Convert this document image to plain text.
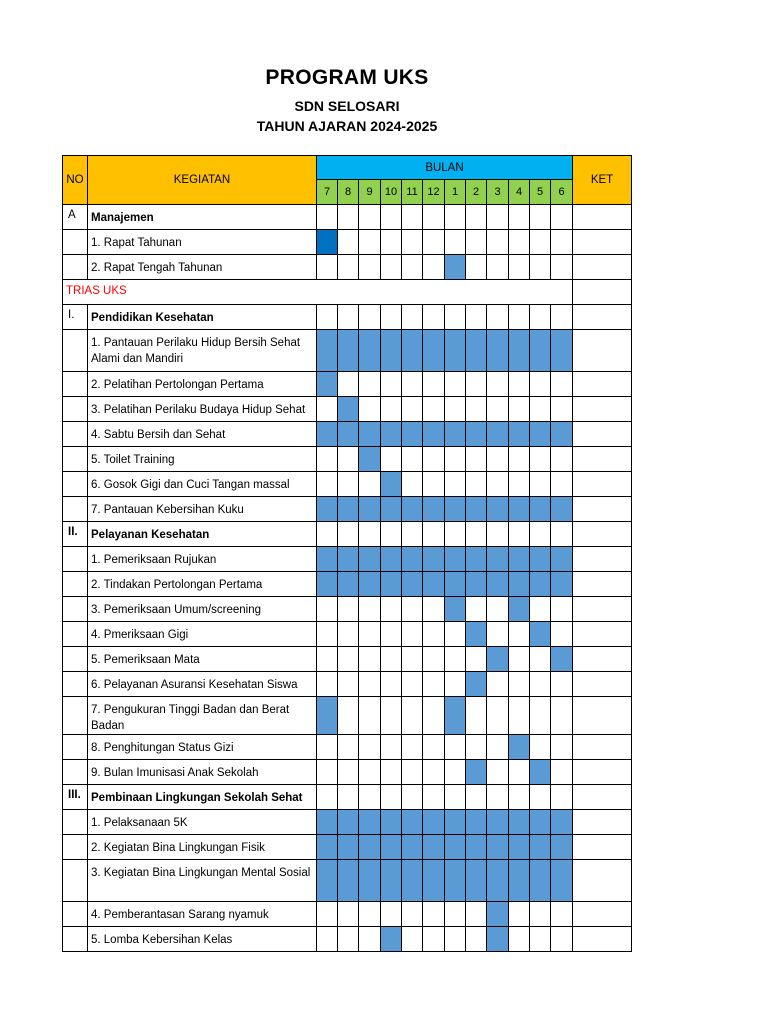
PROGRAM UKS
SDN SELOSARI
TAHUN AJARAN 2024-2025
NO	KEGIATAN	BULAN												KET
		7	8	9	10	11	12	1	2	3	4	5	6	
A	Manajemen													
	1. Rapat Tahunan													
	2. Rapat Tengah Tahunan													
TRIAS UKS														
I.	Pendidikan Kesehatan													
	1. Pantauan Perilaku Hidup Bersih Sehat Alami dan Mandiri													
	2. Pelatihan Pertolongan Pertama													
	3. Pelatihan Perilaku Budaya Hidup Sehat													
	4. Sabtu Bersih dan Sehat													
	5. Toilet Training													
	6. Gosok Gigi dan Cuci Tangan massal													
	7. Pantauan Kebersihan Kuku													
II.	Pelayanan Kesehatan													
	1. Pemeriksaan Rujukan													
	2. Tindakan Pertolongan Pertama													
	3. Pemeriksaan Umum/screening													
	4. Pmeriksaan Gigi													
	5. Pemeriksaan Mata													
	6. Pelayanan Asuransi Kesehatan Siswa													
	7. Pengukuran Tinggi Badan dan Berat Badan													
	8. Penghitungan Status Gizi													
	9. Bulan Imunisasi Anak Sekolah													
III.	Pembinaan Lingkungan Sekolah Sehat													
	1. Pelaksanaan 5K													
	2. Kegiatan Bina Lingkungan Fisik													
	3. Kegiatan Bina Lingkungan Mental Sosial													
	4. Pemberantasan Sarang nyamuk													
	5. Lomba Kebersihan Kelas													
